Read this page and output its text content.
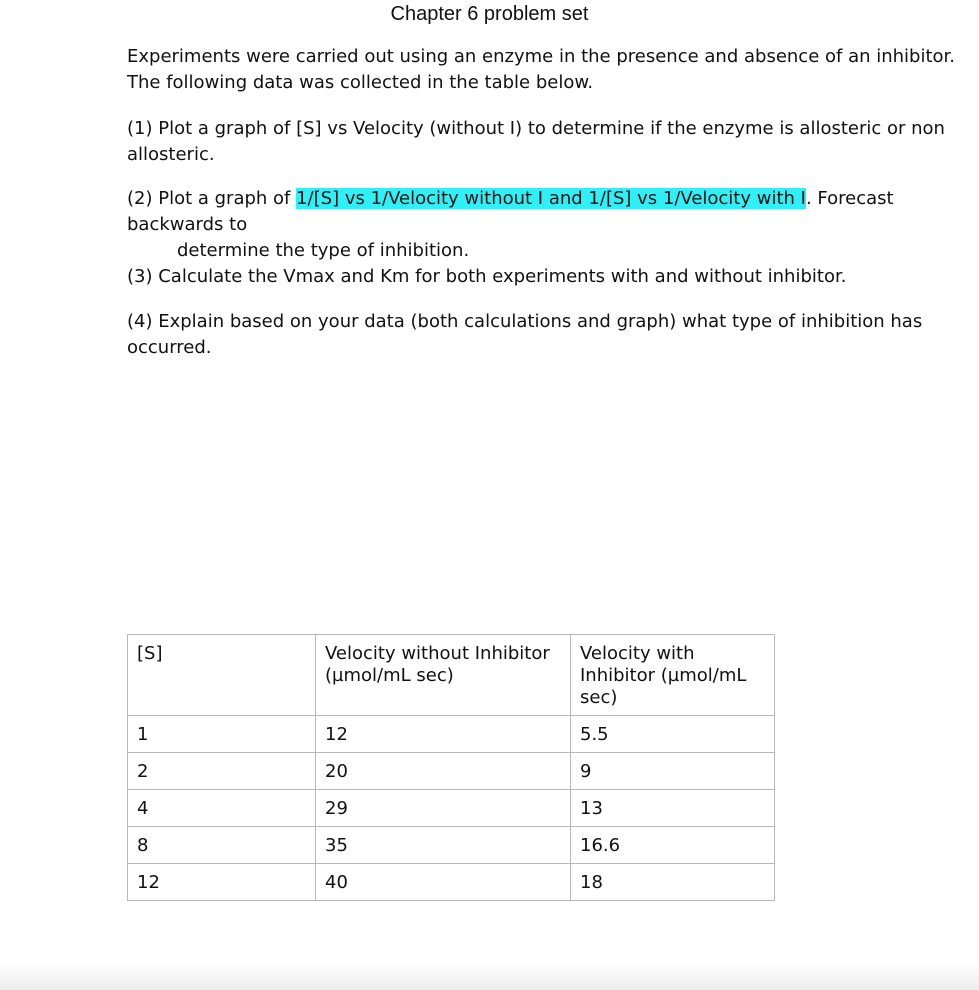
Chapter 6 problem set
Experiments were carried out using an enzyme in the presence and absence of an inhibitor.
The following data was collected in the table below.
(1) Plot a graph of [S] vs Velocity (without I) to determine if the enzyme is allosteric or non allosteric.
(2) Plot a graph of 1/[S] vs 1/Velocity without I and 1/[S] vs 1/Velocity with I. Forecast backwards to
determine the type of inhibition.
(3) Calculate the Vmax and Km for both experiments with and without inhibitor.
(4) Explain based on your data (both calculations and graph) what type of inhibition has occurred.
[S]	Velocity without Inhibitor (µmol/mL sec)	Velocity with Inhibitor (µmol/mL sec)
1	12	5.5
2	20	9
4	29	13
8	35	16.6
12	40	18
